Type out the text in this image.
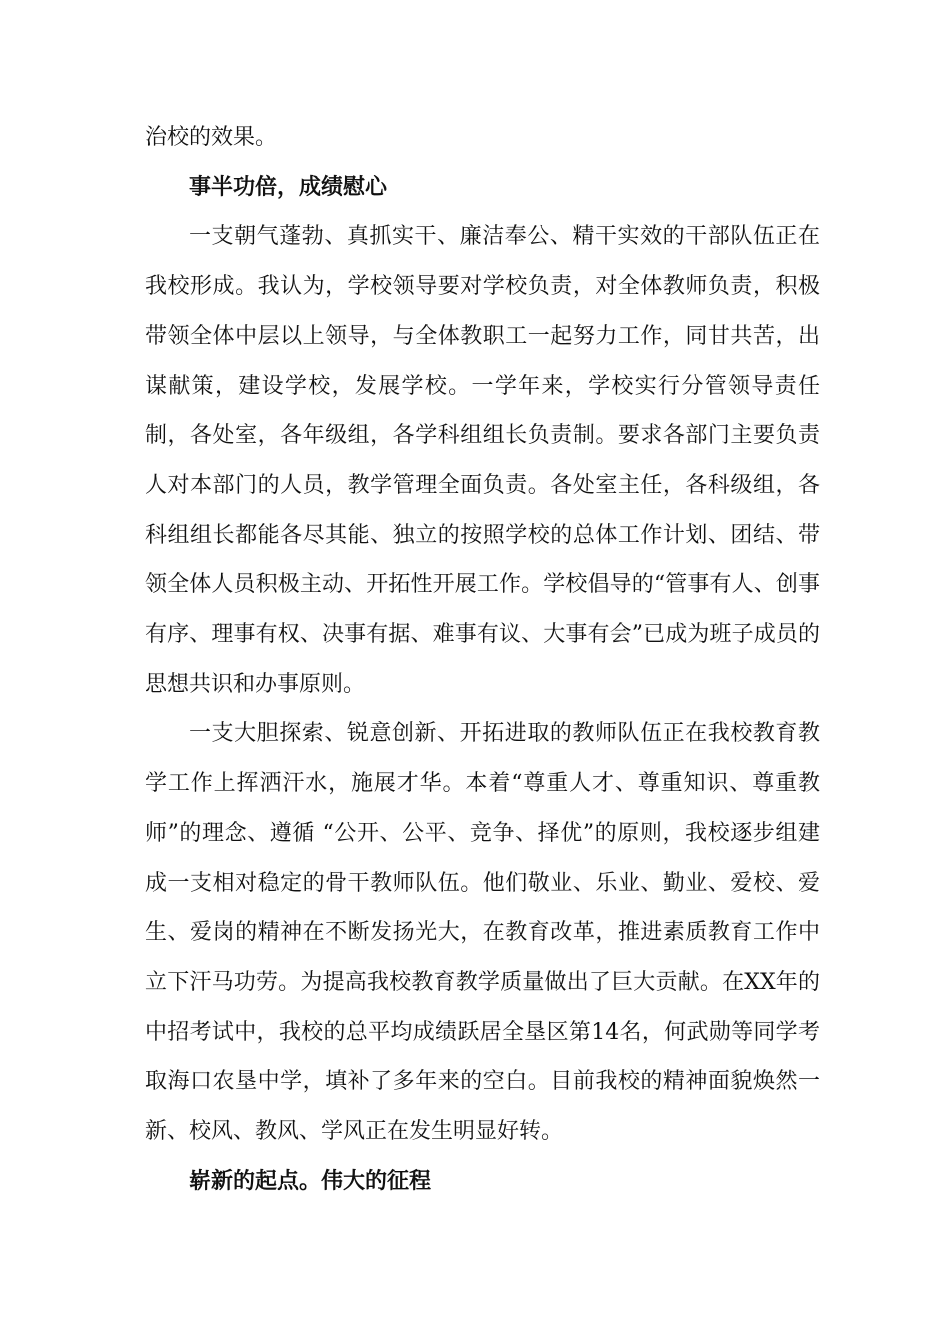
治校的效果。

事半功倍，成绩慰心

一支朝气蓬勃、真抓实干、廉洁奉公、精干实效的干部队伍正在我校形成。我认为，学校领导要对学校负责，对全体教师负责，积极带领全体中层以上领导，与全体教职工一起努力工作，同甘共苦，出谋献策，建设学校，发展学校。一学年来，学校实行分管领导责任制，各处室，各年级组，各学科组组长负责制。要求各部门主要负责人对本部门的人员，教学管理全面负责。各处室主任，各科级组，各科组组长都能各尽其能、独立的按照学校的总体工作计划、团结、带领全体人员积极主动、开拓性开展工作。学校倡导的“管事有人、创事有序、理事有权、决事有据、难事有议、大事有会”已成为班子成员的思想共识和办事原则。

一支大胆探索、锐意创新、开拓进取的教师队伍正在我校教育教学工作上挥洒汗水，施展才华。本着“尊重人才、尊重知识、尊重教师”的理念、遵循 “公开、公平、竞争、择优”的原则，我校逐步组建成一支相对稳定的骨干教师队伍。他们敬业、乐业、勤业、爱校、爱生、爱岗的精神在不断发扬光大，在教育改革，推进素质教育工作中立下汗马功劳。为提高我校教育教学质量做出了巨大贡献。在XX年的中招考试中，我校的总平均成绩跃居全垦区第14名，何武勋等同学考取海口农垦中学，填补了多年来的空白。目前我校的精神面貌焕然一新、校风、教风、学风正在发生明显好转。

崭新的起点。伟大的征程
